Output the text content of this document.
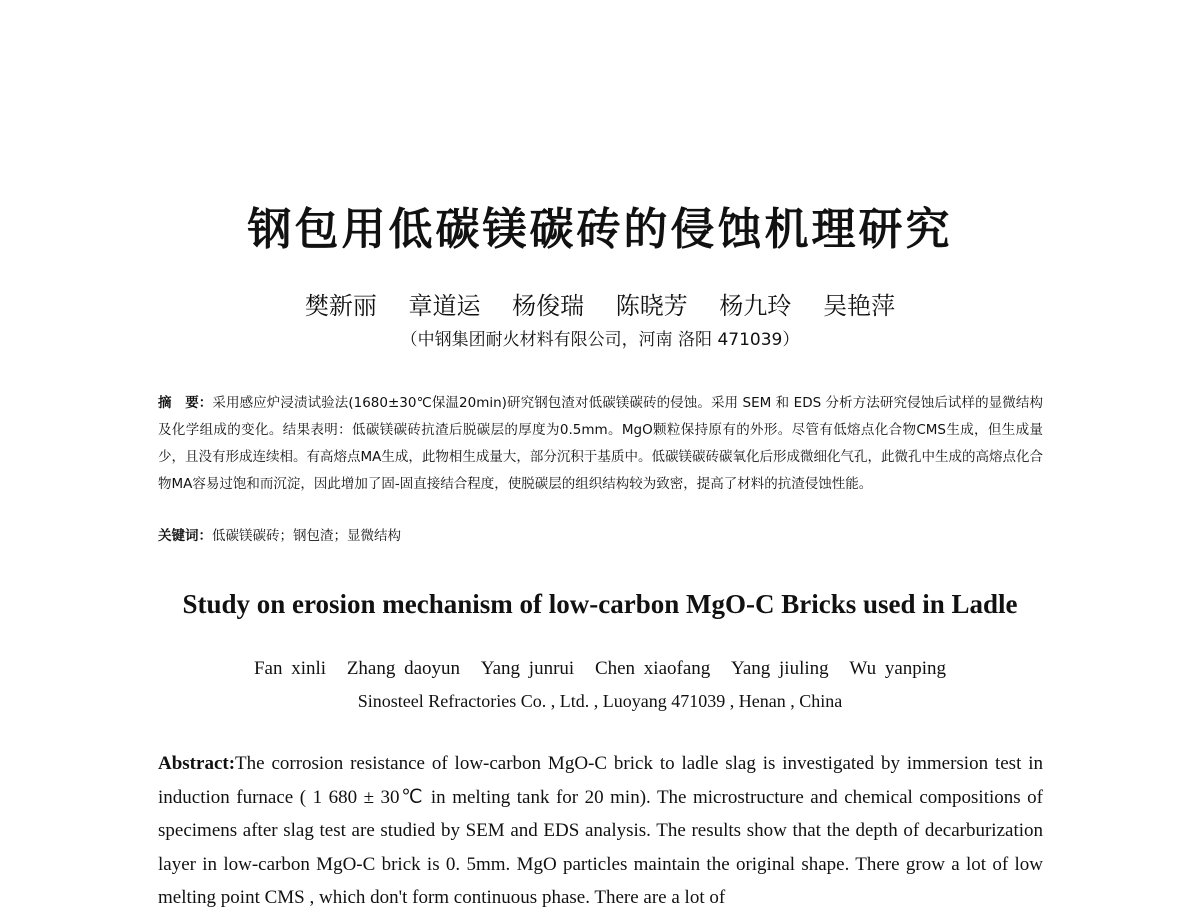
钢包用低碳镁碳砖的侵蚀机理研究
樊新丽 章道运 杨俊瑞 陈晓芳 杨九玲 吴艳萍
（中钢集团耐火材料有限公司，河南 洛阳 471039）
摘　要：采用感应炉浸渍试验法(1680±30℃保温20min)研究钢包渣对低碳镁碳砖的侵蚀。采用 SEM 和 EDS 分析方法研究侵蚀后试样的显微结构及化学组成的变化。结果表明：低碳镁碳砖抗渣后脱碳层的厚度为0.5mm。MgO颗粒保持原有的外形。尽管有低熔点化合物CMS生成，但生成量少，且没有形成连续相。有高熔点MA生成，此物相生成量大，部分沉积于基质中。低碳镁碳砖碳氧化后形成微细化气孔，此微孔中生成的高熔点化合物MA容易过饱和而沉淀，因此增加了固-固直接结合程度，使脱碳层的组织结构较为致密，提高了材料的抗渣侵蚀性能。
关键词：低碳镁碳砖；钢包渣；显微结构
Study on erosion mechanism of low-carbon MgO-C Bricks used in Ladle
Fan xinli Zhang daoyun Yang junrui Chen xiaofang Yang jiuling Wu yanping
Sinosteel Refractories Co. , Ltd. , Luoyang 471039 , Henan , China
Abstract:The corrosion resistance of low-carbon MgO-C brick to ladle slag is investigated by immersion test in induction furnace ( 1 680 ± 30℃ in melting tank for 20 min). The microstructure and chemical compositions of specimens after slag test are studied by SEM and EDS analysis. The results show that the depth of decarburization layer in low-carbon MgO-C brick is 0. 5mm. MgO particles maintain the original shape. There grow a lot of low melting point CMS , which don't form continuous phase. There are a lot of
